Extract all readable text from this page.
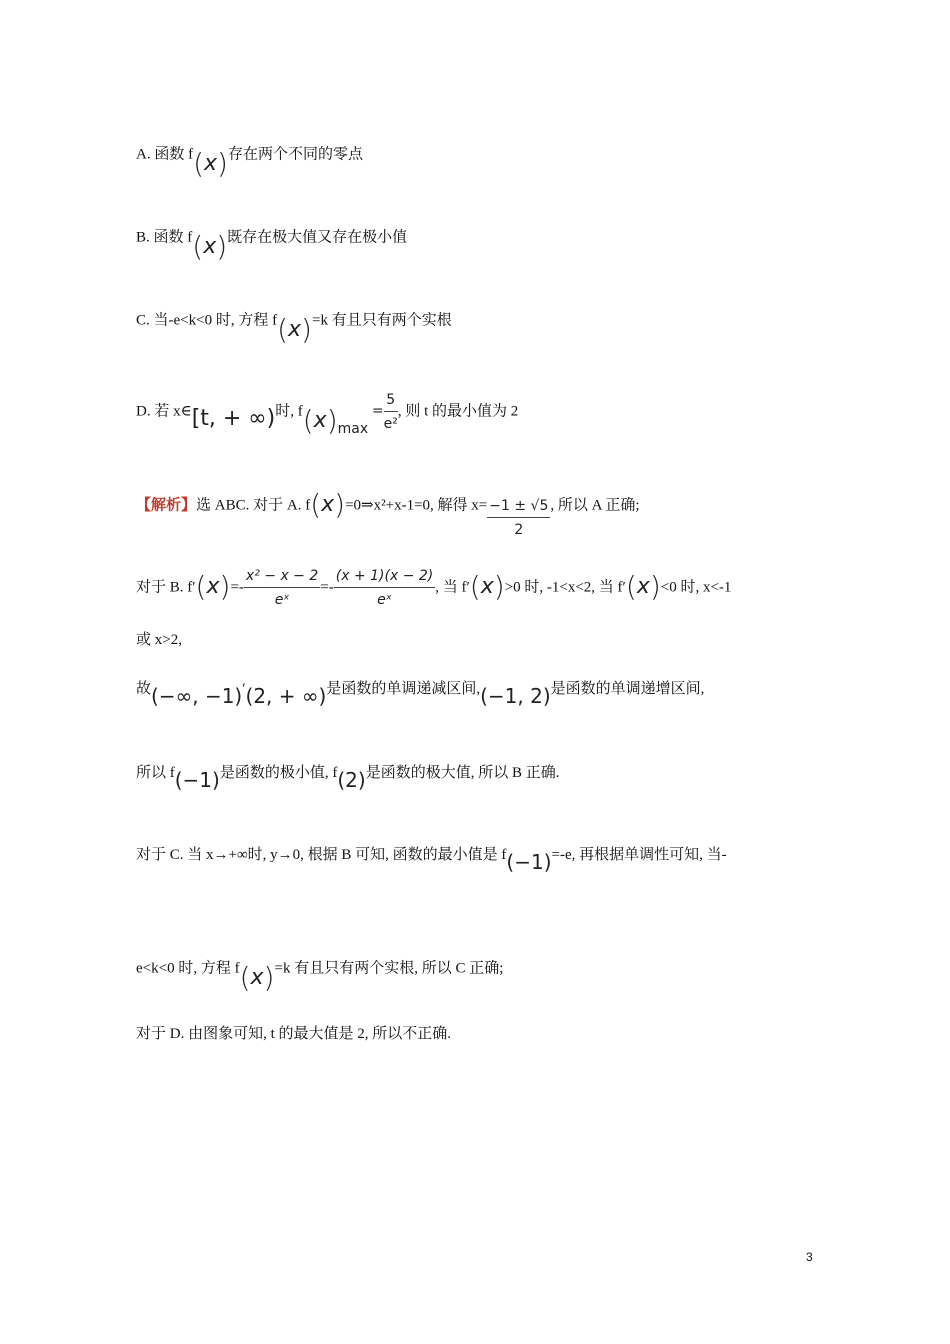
A. 函数 f(x)存在两个不同的零点
B. 函数 f(x)既存在极大值又存在极小值
C. 当-e<k<0 时, 方程 f(x)=k 有且只有两个实根
D. 若 x∈[t, + ∞)时, $f(x)\max = \frac{5}{\text{e²}}$ , 则 t 的最小值为 2
【解析】选 ABC. 对于 A. f(x)=0⇒x²+x-1=0, 解得 $x= \frac{-1 \pm √5}{2}$ , 所以 A 正确;
对于 B. $f'(x)=- \frac{\text{x² − x − 2}}{\text{eˣ}} =- \frac{(x + 1)(x - 2)}{\text{eˣ}}$ , 当 f′(x)>0 时, -1<x<2, 当 f′(x)<0 时, x<-1
或 x>2,
故(−∞, −1)′(2, + ∞)是函数的单调递减区间,(−1, 2)是函数的单调递增区间,
所以 f(−1)是函数的极小值, f(2)是函数的极大值, 所以 B 正确.
对于 C. 当 x→+∞时, y→0, 根据 B 可知, 函数的最小值是 f(−1)=-e, 再根据单调性可知, 当-
e<k<0 时, 方程 f(x)=k 有且只有两个实根, 所以 C 正确;
对于 D. 由图象可知, t 的最大值是 2, 所以不正确.
3
